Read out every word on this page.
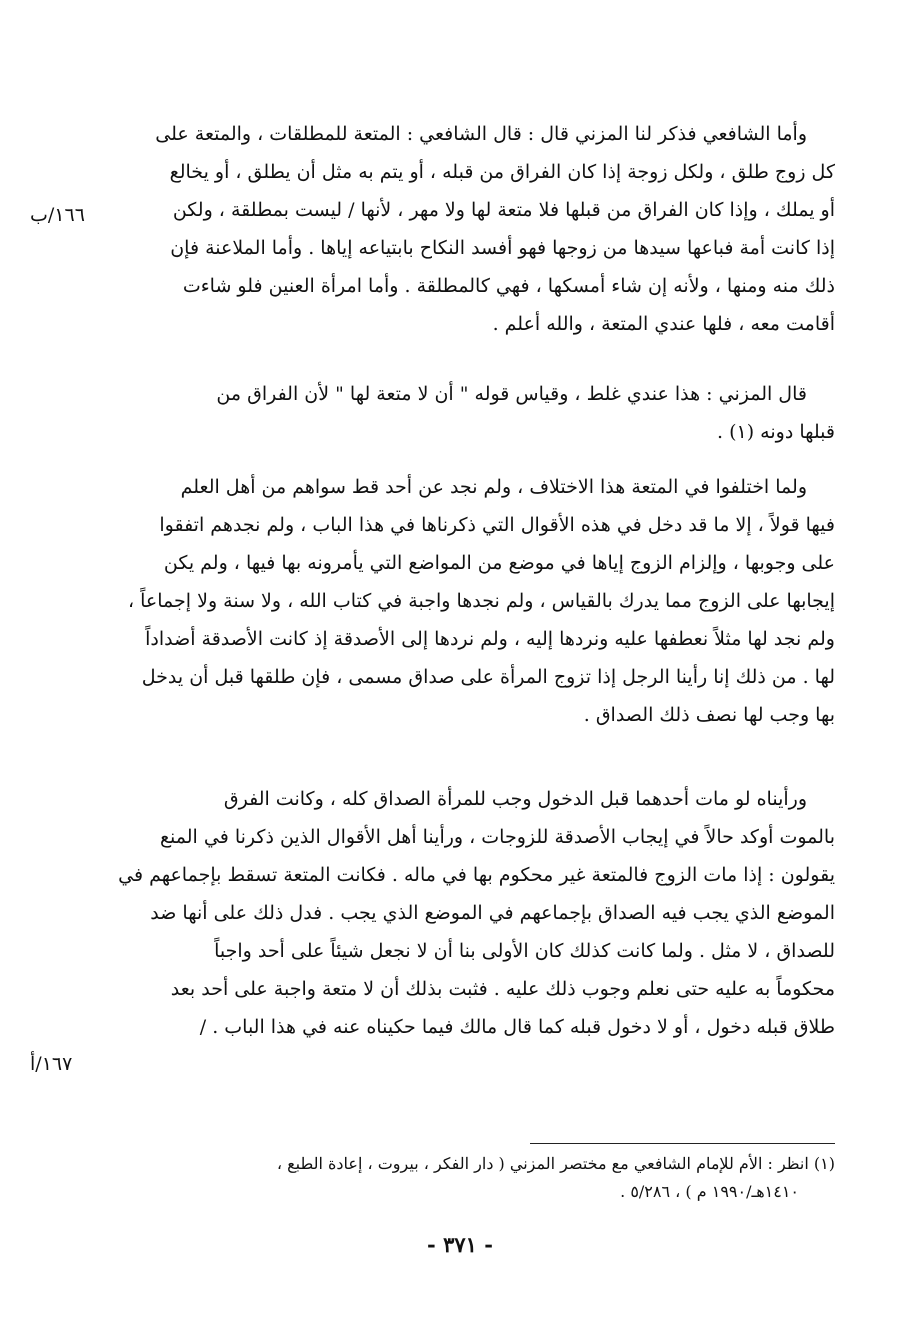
وأما الشافعي فذكر لنا المزني قال : قال الشافعي : المتعة للمطلقات ، والمتعة على
كل زوج طلق ، ولكل زوجة إذا كان الفراق من قبله ، أو يتم به مثل أن يطلق ، أو يخالع
أو يملك ، وإذا كان الفراق من قبلها فلا متعة لها ولا مهر ، لأنها / ليست بمطلقة ، ولكن
إذا كانت أمة فباعها سيدها من زوجها فهو أفسد النكاح بابتياعه إياها . وأما الملاعنة فإن
ذلك منه ومنها ، ولأنه إن شاء أمسكها ، فهي كالمطلقة . وأما امرأة العنين فلو شاءت
أقامت معه ، فلها عندي المتعة ، والله أعلم .
١٦٦/ب
قال المزني : هذا عندي غلط ، وقياس قوله " أن لا متعة لها " لأن الفراق من
قبلها دونه (١) .
ولما اختلفوا في المتعة هذا الاختلاف ، ولم نجد عن أحد قط سواهم من أهل العلم
فيها قولاً ، إلا ما قد دخل في هذه الأقوال التي ذكرناها في هذا الباب ، ولم نجدهم اتفقوا
على وجوبها ، وإلزام الزوج إياها في موضع من المواضع التي يأمرونه بها فيها ، ولم يكن
إيجابها على الزوج مما يدرك بالقياس ، ولم نجدها واجبة في كتاب الله ، ولا سنة ولا إجماعاً ،
ولم نجد لها مثلاً نعطفها عليه ونردها إليه ، ولم نردها إلى الأصدقة إذ كانت الأصدقة أضداداً
لها . من ذلك إنا رأينا الرجل إذا تزوج المرأة على صداق مسمى ، فإن طلقها قبل أن يدخل
بها وجب لها نصف ذلك الصداق .
ورأيناه لو مات أحدهما قبل الدخول وجب للمرأة الصداق كله ، وكانت الفرق
بالموت أوكد حالاً في إيجاب الأصدقة للزوجات ، ورأينا أهل الأقوال الذين ذكرنا في المنع
يقولون : إذا مات الزوج فالمتعة غير محكوم بها في ماله . فكانت المتعة تسقط بإجماعهم في
الموضع الذي يجب فيه الصداق بإجماعهم في الموضع الذي يجب . فدل ذلك على أنها ضد
للصداق ، لا مثل . ولما كانت كذلك كان الأولى بنا أن لا نجعل شيئاً على أحد واجباً
محكوماً به عليه حتى نعلم وجوب ذلك عليه . فثبت بذلك أن لا متعة واجبة على أحد بعد
طلاق قبله دخول ، أو لا دخول قبله كما قال مالك فيما حكيناه عنه في هذا الباب . /
١٦٧/أ
(١) انظر : الأم للإمام الشافعي مع مختصر المزني ( دار الفكر ، بيروت ، إعادة الطبع ،
١٤١٠هـ/١٩٩٠ م ) ، ٥/٢٨٦ .
- ٣٧١ -
